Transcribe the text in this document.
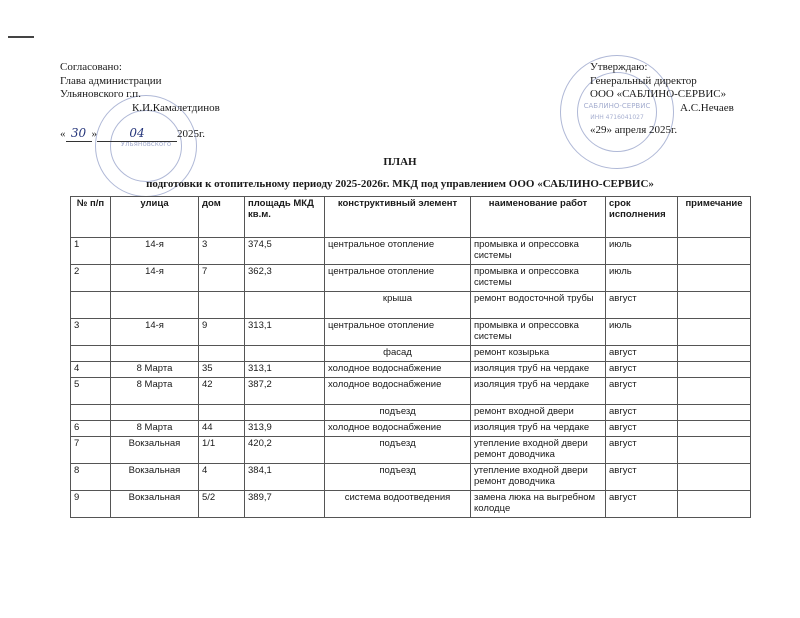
Ульяновского
САБЛИНО-СЕРВИС
ИНН 4716041027
Согласовано:
Глава администрации
Ульяновского г.п.
К.И.Камалетдинов
« 30 »	04	2025г.
Утверждаю:
Генеральный директор
ООО «САБЛИНО-СЕРВИС»
А.С.Нечаев
«29» апреля 2025г.
ПЛАН
подготовки к отопительному периоду 2025-2026г. МКД под управлением ООО «САБЛИНО-СЕРВИС»
№ п/п	улица	дом	площадь МКД кв.м.	конструктивный элемент	наименование работ	срок исполнения	примечание
1	14-я	3	374,5	центральное отопление	промывка и опрессовка системы	июль	
2	14-я	7	362,3	центральное отопление	промывка и опрессовка системы	июль	
				крыша	ремонт водосточной трубы	август	
3	14-я	9	313,1	центральное отопление	промывка и опрессовка системы	июль	
				фасад	ремонт козырька	август	
4	8 Марта	35	313,1	холодное водоснабжение	изоляция труб на чердаке	август	
5	8 Марта	42	387,2	холодное водоснабжение	изоляция труб на чердаке	август	
				подъезд	ремонт входной двери	август	
6	8 Марта	44	313,9	холодное водоснабжение	изоляция труб на чердаке	август	
7	Вокзальная	1/1	420,2	подъезд	утепление входной двери ремонт доводчика	август	
8	Вокзальная	4	384,1	подъезд	утепление входной двери ремонт доводчика	август	
9	Вокзальная	5/2	389,7	система водоотведения	замена люка на выгребном колодце	август	
